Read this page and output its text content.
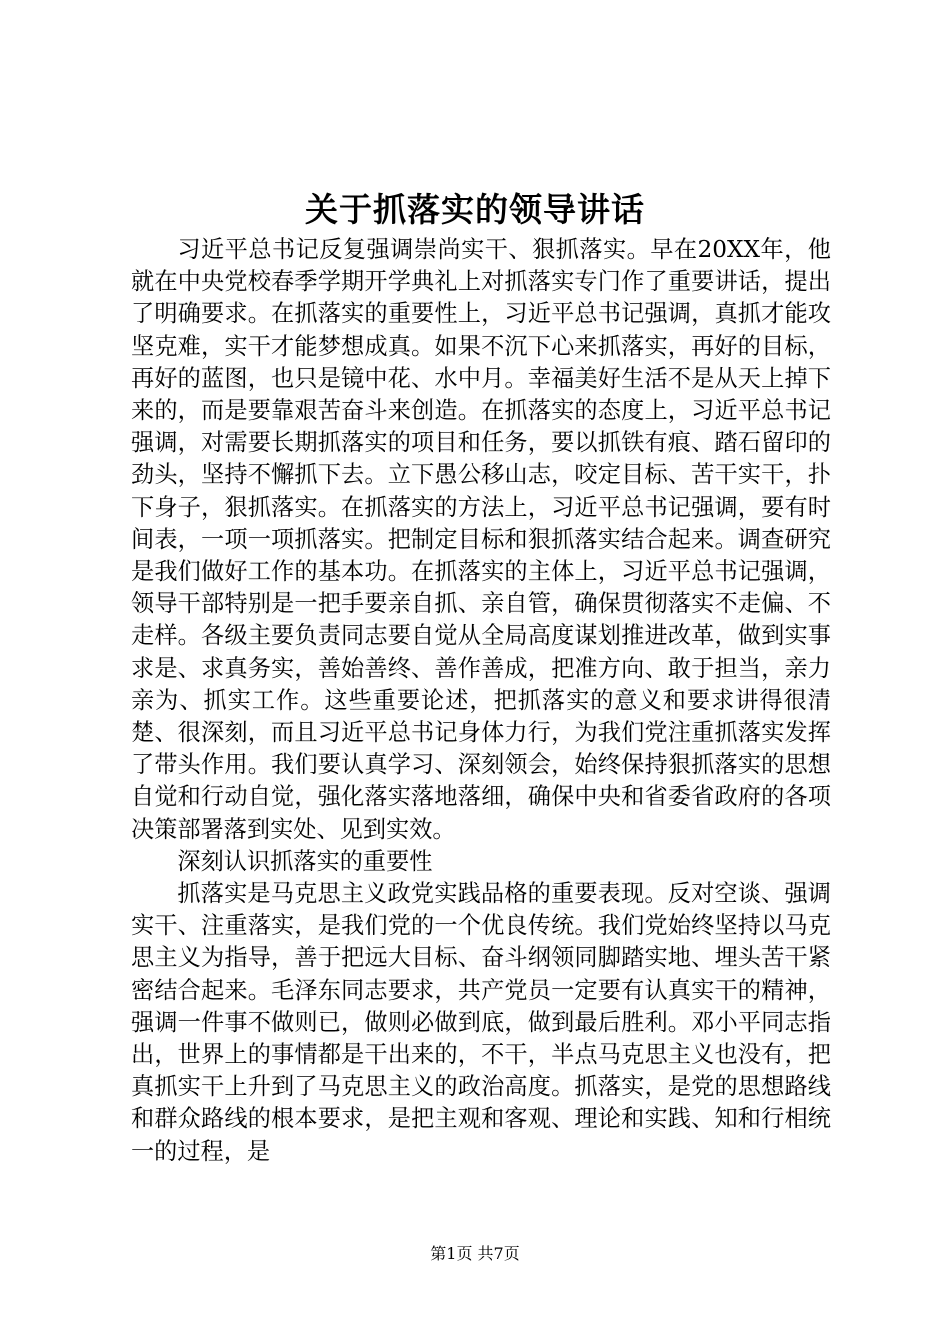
关于抓落实的领导讲话

习近平总书记反复强调崇尚实干、狠抓落实。早在20XX年，他就在中央党校春季学期开学典礼上对抓落实专门作了重要讲话，提出了明确要求。在抓落实的重要性上，习近平总书记强调，真抓才能攻坚克难，实干才能梦想成真。如果不沉下心来抓落实，再好的目标，再好的蓝图，也只是镜中花、水中月。幸福美好生活不是从天上掉下来的，而是要靠艰苦奋斗来创造。在抓落实的态度上，习近平总书记强调，对需要长期抓落实的项目和任务，要以抓铁有痕、踏石留印的劲头，坚持不懈抓下去。立下愚公移山志，咬定目标、苦干实干，扑下身子，狠抓落实。在抓落实的方法上，习近平总书记强调，要有时间表，一项一项抓落实。把制定目标和狠抓落实结合起来。调查研究是我们做好工作的基本功。在抓落实的主体上，习近平总书记强调，领导干部特别是一把手要亲自抓、亲自管，确保贯彻落实不走偏、不走样。各级主要负责同志要自觉从全局高度谋划推进改革，做到实事求是、求真务实，善始善终、善作善成，把准方向、敢于担当，亲力亲为、抓实工作。这些重要论述，把抓落实的意义和要求讲得很清楚、很深刻，而且习近平总书记身体力行，为我们党注重抓落实发挥了带头作用。我们要认真学习、深刻领会，始终保持狠抓落实的思想自觉和行动自觉，强化落实落地落细，确保中央和省委省政府的各项决策部署落到实处、见到实效。

深刻认识抓落实的重要性

抓落实是马克思主义政党实践品格的重要表现。反对空谈、强调实干、注重落实，是我们党的一个优良传统。我们党始终坚持以马克思主义为指导，善于把远大目标、奋斗纲领同脚踏实地、埋头苦干紧密结合起来。毛泽东同志要求，共产党员一定要有认真实干的精神，强调一件事不做则已，做则必做到底，做到最后胜利。邓小平同志指出，世界上的事情都是干出来的，不干，半点马克思主义也没有，把真抓实干上升到了马克思主义的政治高度。抓落实，是党的思想路线和群众路线的根本要求，是把主观和客观、理论和实践、知和行相统一的过程，是

第1页 共7页
